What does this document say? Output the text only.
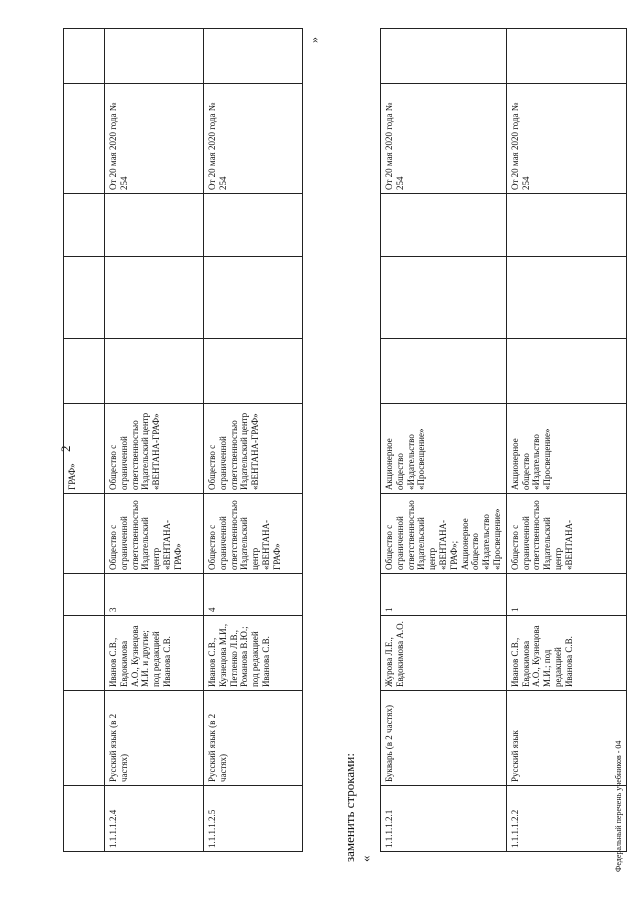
2
					ГРАФ»					
1.1.1.1.2.4	Русский язык (в 2 частях)	Иванов С.В., Евдокимова А.О., Кузнецова М.И. и другие; под редакцией Иванова С.В.	3	Общество с ограниченной ответственностью Издательский центр «ВЕНТАНА-ГРАФ»	Общество с ограниченной ответственностью Издательский центр «ВЕНТАНА-ГРАФ»				От 20 мая 2020 года № 254	
1.1.1.1.2.5	Русский язык (в 2 частях)	Иванов С.В., Кузнецова М.И., Петленко Л.В., Романова В.Ю.; под редакцией Иванова С.В.	4	Общество с ограниченной ответственностью Издательский центр «ВЕНТАНА-ГРАФ»	Общество с ограниченной ответственностью Издательский центр «ВЕНТАНА-ГРАФ»				От 20 мая 2020 года № 254	
»
заменить строками:
«
1.1.1.1.2.1	Букварь (в 2 частях)	Журова Л.Е., Евдокимова А.О.	1	Общество с ограниченной ответственностью Издательский центр «ВЕНТАНА-ГРАФ»; Акционерное общество «Издательство «Просвещение»	Акционерное общество «Издательство «Просвещение»				От 20 мая 2020 года № 254	
1.1.1.1.2.2	Русский язык	Иванов С.В., Евдокимова А.О., Кузнецова М.И.; под редакцией Иванова С.В.	1	Общество с ограниченной ответственностью Издательский центр «ВЕНТАНА-	Акционерное общество «Издательство «Просвещение»				От 20 мая 2020 года № 254	
Федеральный перечень учебников - 04
